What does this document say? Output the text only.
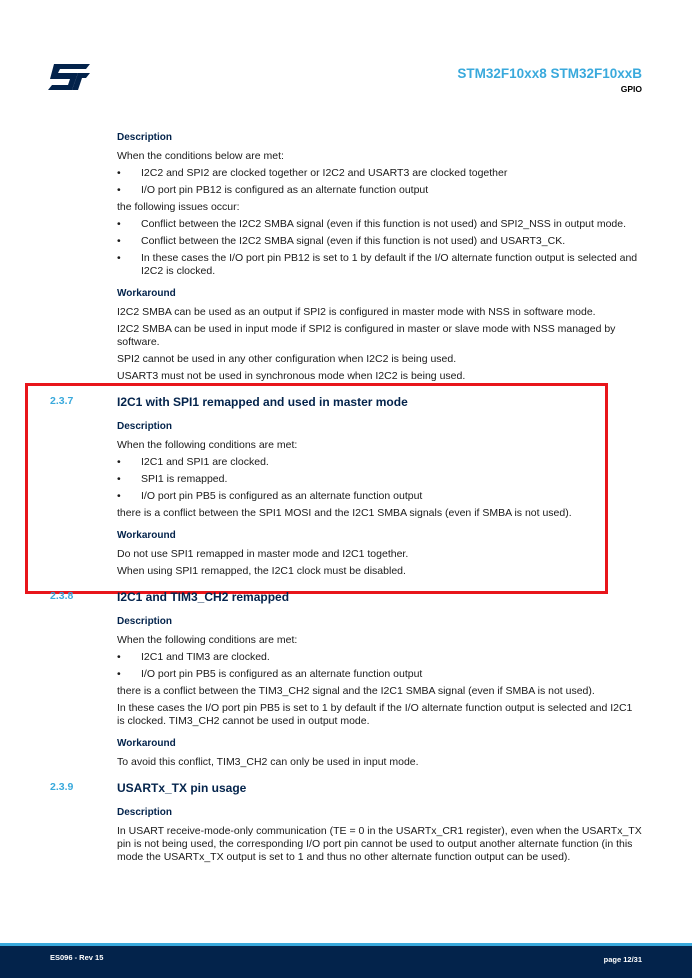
STM32F10xx8 STM32F10xxB
GPIO
Description

When the conditions below are met:

• I2C2 and SPI2 are clocked together or I2C2 and USART3 are clocked together
• I/O port pin PB12 is configured as an alternate function output

the following issues occur:

• Conflict between the I2C2 SMBA signal (even if this function is not used) and SPI2_NSS in output mode.
• Conflict between the I2C2 SMBA signal (even if this function is not used) and USART3_CK.
• In these cases the I/O port pin PB12 is set to 1 by default if the I/O alternate function output is selected and I2C2 is clocked.
Workaround

I2C2 SMBA can be used as an output if SPI2 is configured in master mode with NSS in software mode.

I2C2 SMBA can be used in input mode if SPI2 is configured in master or slave mode with NSS managed by software.

SPI2 cannot be used in any other configuration when I2C2 is being used.

USART3 must not be used in synchronous mode when I2C2 is being used.

2.3.7	I2C1 with SPI1 remapped and used in master mode
Description

When the following conditions are met:

• I2C1 and SPI1 are clocked.
• SPI1 is remapped.
• I/O port pin PB5 is configured as an alternate function output

there is a conflict between the SPI1 MOSI and the I2C1 SMBA signals (even if SMBA is not used).

Workaround

Do not use SPI1 remapped in master mode and I2C1 together.

When using SPI1 remapped, the I2C1 clock must be disabled.

2.3.8	I2C1 and TIM3_CH2 remapped
Description

When the following conditions are met:

• I2C1 and TIM3 are clocked.
• I/O port pin PB5 is configured as an alternate function output

there is a conflict between the TIM3_CH2 signal and the I2C1 SMBA signal (even if SMBA is not used).

In these cases the I/O port pin PB5 is set to 1 by default if the I/O alternate function output is selected and I2C1 is clocked. TIM3_CH2 cannot be used in output mode.

Workaround

To avoid this conflict, TIM3_CH2 can only be used in input mode.

2.3.9	USARTx_TX pin usage
Description

In USART receive-mode-only communication (TE = 0 in the USARTx_CR1 register), even when the USARTx_TX pin is not being used, the corresponding I/O port pin cannot be used to output another alternate function (in this mode the USARTx_TX output is set to 1 and thus no other alternate function output can be used).

ES096 - Rev 15	page 12/31
